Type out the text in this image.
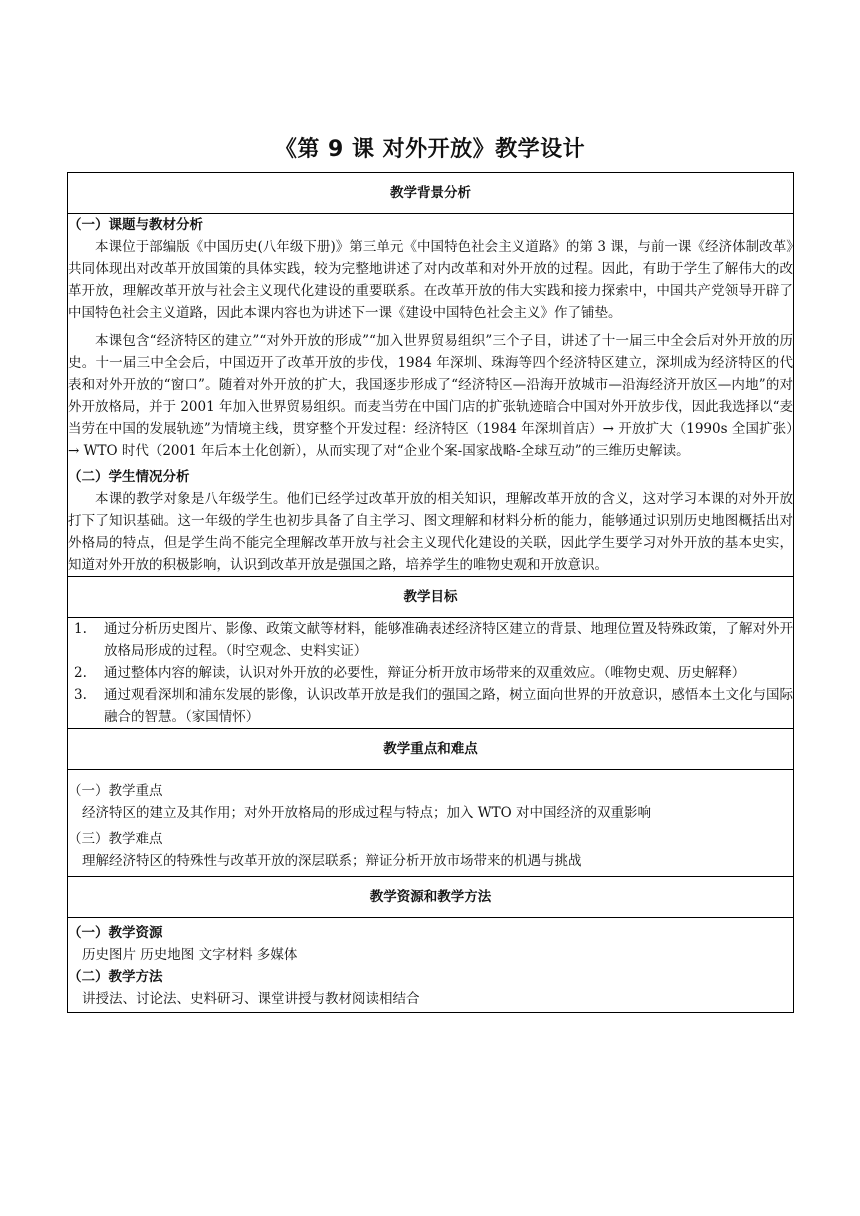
《第 9 课 对外开放》教学设计
教学背景分析

（一）课题与教材分析

本课位于部编版《中国历史(八年级下册)》第三单元《中国特色社会主义道路》的第 3 课，与前一课《经济体制改革》共同体现出对改革开放国策的具体实践，较为完整地讲述了对内改革和对外开放的过程。因此，有助于学生了解伟大的改革开放，理解改革开放与社会主义现代化建设的重要联系。在改革开放的伟大实践和接力探索中，中国共产党领导开辟了中国特色社会主义道路，因此本课内容也为讲述下一课《建设中国特色社会主义》作了铺垫。

本课包含“经济特区的建立”“对外开放的形成”“加入世界贸易组织”三个子目，讲述了十一届三中全会后对外开放的历史。十一届三中全会后，中国迈开了改革开放的步伐，1984 年深圳、珠海等四个经济特区建立，深圳成为经济特区的代表和对外开放的“窗口”。随着对外开放的扩大，我国逐步形成了“经济特区—沿海开放城市—沿海经济开放区—内地”的对外开放格局，并于 2001 年加入世界贸易组织。而麦当劳在中国门店的扩张轨迹暗合中国对外开放步伐，因此我选择以“麦当劳在中国的发展轨迹”为情境主线，贯穿整个开发过程：经济特区（1984 年深圳首店）→ 开放扩大（1990s 全国扩张）→ WTO 时代（2001 年后本土化创新），从而实现了对“企业个案-国家战略-全球互动”的三维历史解读。

（二）学生情况分析

本课的教学对象是八年级学生。他们已经学过改革开放的相关知识，理解改革开放的含义，这对学习本课的对外开放打下了知识基础。这一年级的学生也初步具备了自主学习、图文理解和材料分析的能力，能够通过识别历史地图概括出对外格局的特点，但是学生尚不能完全理解改革开放与社会主义现代化建设的关联，因此学生要学习对外开放的基本史实，知道对外开放的积极影响，认识到改革开放是强国之路，培养学生的唯物史观和开放意识。

教学目标

1. 通过分析历史图片、影像、政策文献等材料，能够准确表述经济特区建立的背景、地理位置及特殊政策，了解对外开放格局形成的过程。（时空观念、史料实证）
2. 通过整体内容的解读，认识对外开放的必要性，辩证分析开放市场带来的双重效应。（唯物史观、历史解释）
3. 通过观看深圳和浦东发展的影像，认识改革开放是我们的强国之路，树立面向世界的开放意识，感悟本土文化与国际融合的智慧。（家国情怀）

教学重点和难点

（一）教学重点
经济特区的建立及其作用；对外开放格局的形成过程与特点；加入 WTO 对中国经济的双重影响
（三）教学难点
理解经济特区的特殊性与改革开放的深层联系；辩证分析开放市场带来的机遇与挑战

教学资源和教学方法

（一）教学资源
历史图片 历史地图 文字材料 多媒体
（二）教学方法
讲授法、讨论法、史料研习、课堂讲授与教材阅读相结合
